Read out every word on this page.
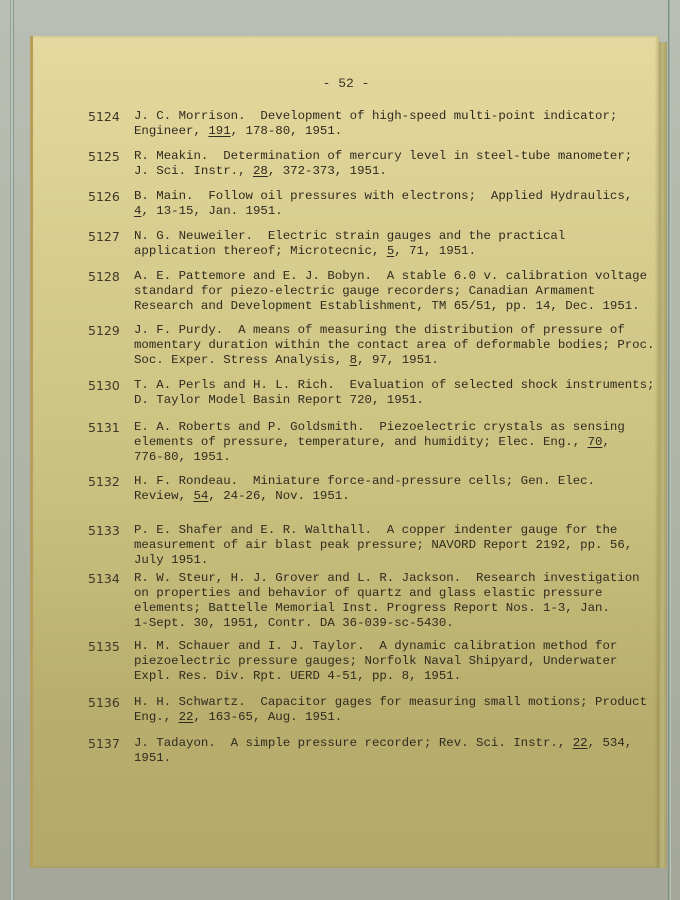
- 52 -
5124 J. C. Morrison.  Development of high-speed multi-point indicator;
Engineer, 191, 178-80, 1951.
5125 R. Meakin.  Determination of mercury level in steel-tube manometer;
J. Sci. Instr., 28, 372-373, 1951.
5126 B. Main.  Follow oil pressures with electrons;  Applied Hydraulics,
4, 13-15, Jan. 1951.
5127 N. G. Neuweiler.  Electric strain gauges and the practical
application thereof; Microtecnic, 5, 71, 1951.
5128 A. E. Pattemore and E. J. Bobyn.  A stable 6.0 v. calibration voltage
standard for piezo-electric gauge recorders; Canadian Armament
Research and Development Establishment, TM 65/51, pp. 14, Dec. 1951.
5129 J. F. Purdy.  A means of measuring the distribution of pressure of
momentary duration within the contact area of deformable bodies; Proc.
Soc. Exper. Stress Analysis, 8, 97, 1951.
5130 T. A. Perls and H. L. Rich.  Evaluation of selected shock instruments;
D. Taylor Model Basin Report 720, 1951.
5131 E. A. Roberts and P. Goldsmith.  Piezoelectric crystals as sensing
elements of pressure, temperature, and humidity; Elec. Eng., 70,
776-80, 1951.
5132 H. F. Rondeau.  Miniature force-and-pressure cells; Gen. Elec.
Review, 54, 24-26, Nov. 1951.
5133 P. E. Shafer and E. R. Walthall.  A copper indenter gauge for the
measurement of air blast peak pressure; NAVORD Report 2192, pp. 56,
July 1951.
5134 R. W. Steur, H. J. Grover and L. R. Jackson.  Research investigation
on properties and behavior of quartz and glass elastic pressure
elements; Battelle Memorial Inst. Progress Report Nos. 1-3, Jan.
1-Sept. 30, 1951, Contr. DA 36-039-sc-5430.
5135 H. M. Schauer and I. J. Taylor.  A dynamic calibration method for
piezoelectric pressure gauges; Norfolk Naval Shipyard, Underwater
Expl. Res. Div. Rpt. UERD 4-51, pp. 8, 1951.
5136 H. H. Schwartz.  Capacitor gages for measuring small motions; Product
Eng., 22, 163-65, Aug. 1951.
5137 J. Tadayon.  A simple pressure recorder; Rev. Sci. Instr., 22, 534,
1951.
